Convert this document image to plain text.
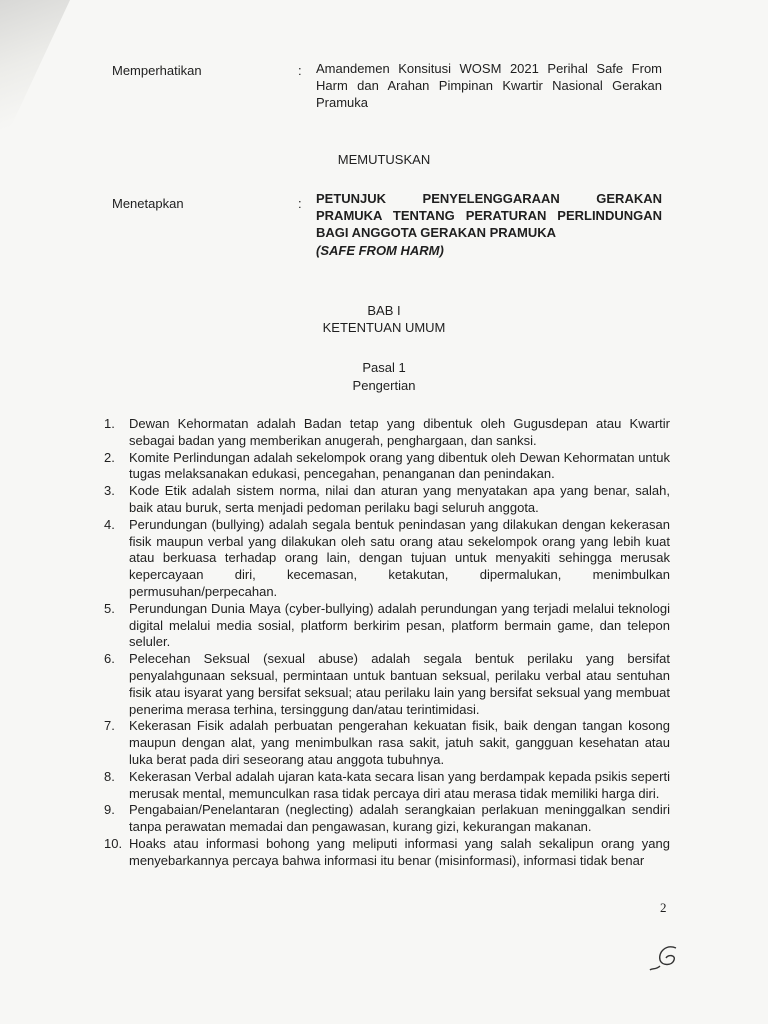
Memperhatikan	: Amandemen Konsitusi WOSM 2021 Perihal Safe From Harm dan Arahan Pimpinan Kwartir Nasional Gerakan Pramuka
MEMUTUSKAN
Menetapkan	: PETUNJUK PENYELENGGARAAN GERAKAN PRAMUKA TENTANG PERATURAN PERLINDUNGAN BAGI ANGGOTA GERAKAN PRAMUKA
(SAFE FROM HARM)
BAB I
KETENTUAN UMUM
Pasal 1
Pengertian
1.	Dewan Kehormatan adalah Badan tetap yang dibentuk oleh Gugusdepan atau Kwartir sebagai badan yang memberikan anugerah, penghargaan, dan sanksi.
2.	Komite Perlindungan adalah sekelompok orang yang dibentuk oleh Dewan Kehormatan untuk tugas melaksanakan edukasi, pencegahan, penanganan dan penindakan.
3.	Kode Etik adalah sistem norma, nilai dan aturan yang menyatakan apa yang benar, salah, baik atau buruk, serta menjadi pedoman perilaku bagi seluruh anggota.
4.	Perundungan (bullying) adalah segala bentuk penindasan yang dilakukan dengan kekerasan fisik maupun verbal yang dilakukan oleh satu orang atau sekelompok orang yang lebih kuat atau berkuasa terhadap orang lain, dengan tujuan untuk menyakiti sehingga merusak kepercayaan diri, kecemasan, ketakutan, dipermalukan, menimbulkan permusuhan/perpecahan.
5.	Perundungan Dunia Maya (cyber-bullying) adalah perundungan yang terjadi melalui teknologi digital melalui media sosial, platform berkirim pesan, platform bermain game, dan telepon seluler.
6.	Pelecehan Seksual (sexual abuse) adalah segala bentuk perilaku yang bersifat penyalahgunaan seksual, permintaan untuk bantuan seksual, perilaku verbal atau sentuhan fisik atau isyarat yang bersifat seksual; atau perilaku lain yang bersifat seksual yang membuat penerima merasa terhina, tersinggung dan/atau terintimidasi.
7.	Kekerasan Fisik adalah perbuatan pengerahan kekuatan fisik, baik dengan tangan kosong maupun dengan alat, yang menimbulkan rasa sakit, jatuh sakit, gangguan kesehatan atau luka berat pada diri seseorang atau anggota tubuhnya.
8.	Kekerasan Verbal adalah ujaran kata-kata secara lisan yang berdampak kepada psikis seperti merusak mental, memunculkan rasa tidak percaya diri atau merasa tidak memiliki harga diri.
9.	Pengabaian/Penelantaran (neglecting) adalah serangkaian perlakuan meninggalkan sendiri tanpa perawatan memadai dan pengawasan, kurang gizi, kekurangan makanan.
10. Hoaks atau informasi bohong yang meliputi informasi yang salah sekalipun orang yang menyebarkannya percaya bahwa informasi itu benar (misinformasi), informasi tidak benar
2
